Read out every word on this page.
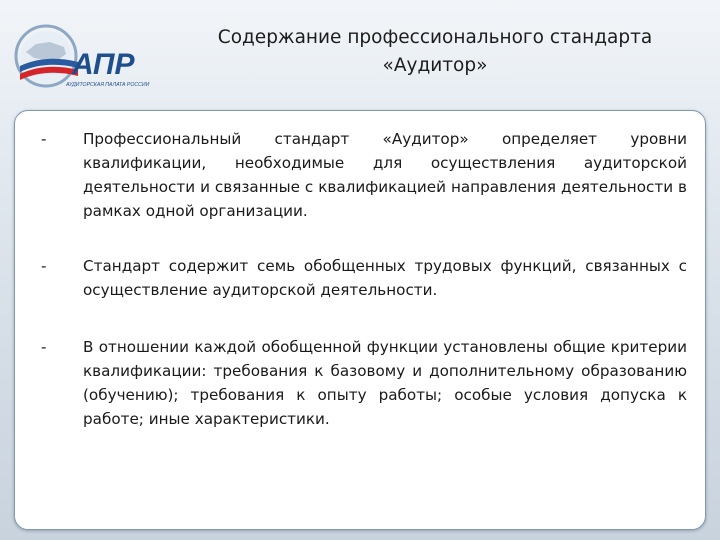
АПР
АУДИТОРСКАЯ ПАЛАТА РОССИИ
Содержание профессионального стандарта
«Аудитор»
-	Профессиональный стандарт «Аудитор» определяет уровни квалификации, необходимые для осуществления аудиторской деятельности и связанные с квалификацией направления деятельности в рамках одной организации.
-	Стандарт содержит семь обобщенных трудовых функций, связанных с осуществление аудиторской деятельности.
-	В отношении каждой обобщенной функции установлены общие критерии квалификации: требования к базовому и дополнительному образованию (обучению); требования к опыту работы; особые условия допуска к работе; иные характеристики.
